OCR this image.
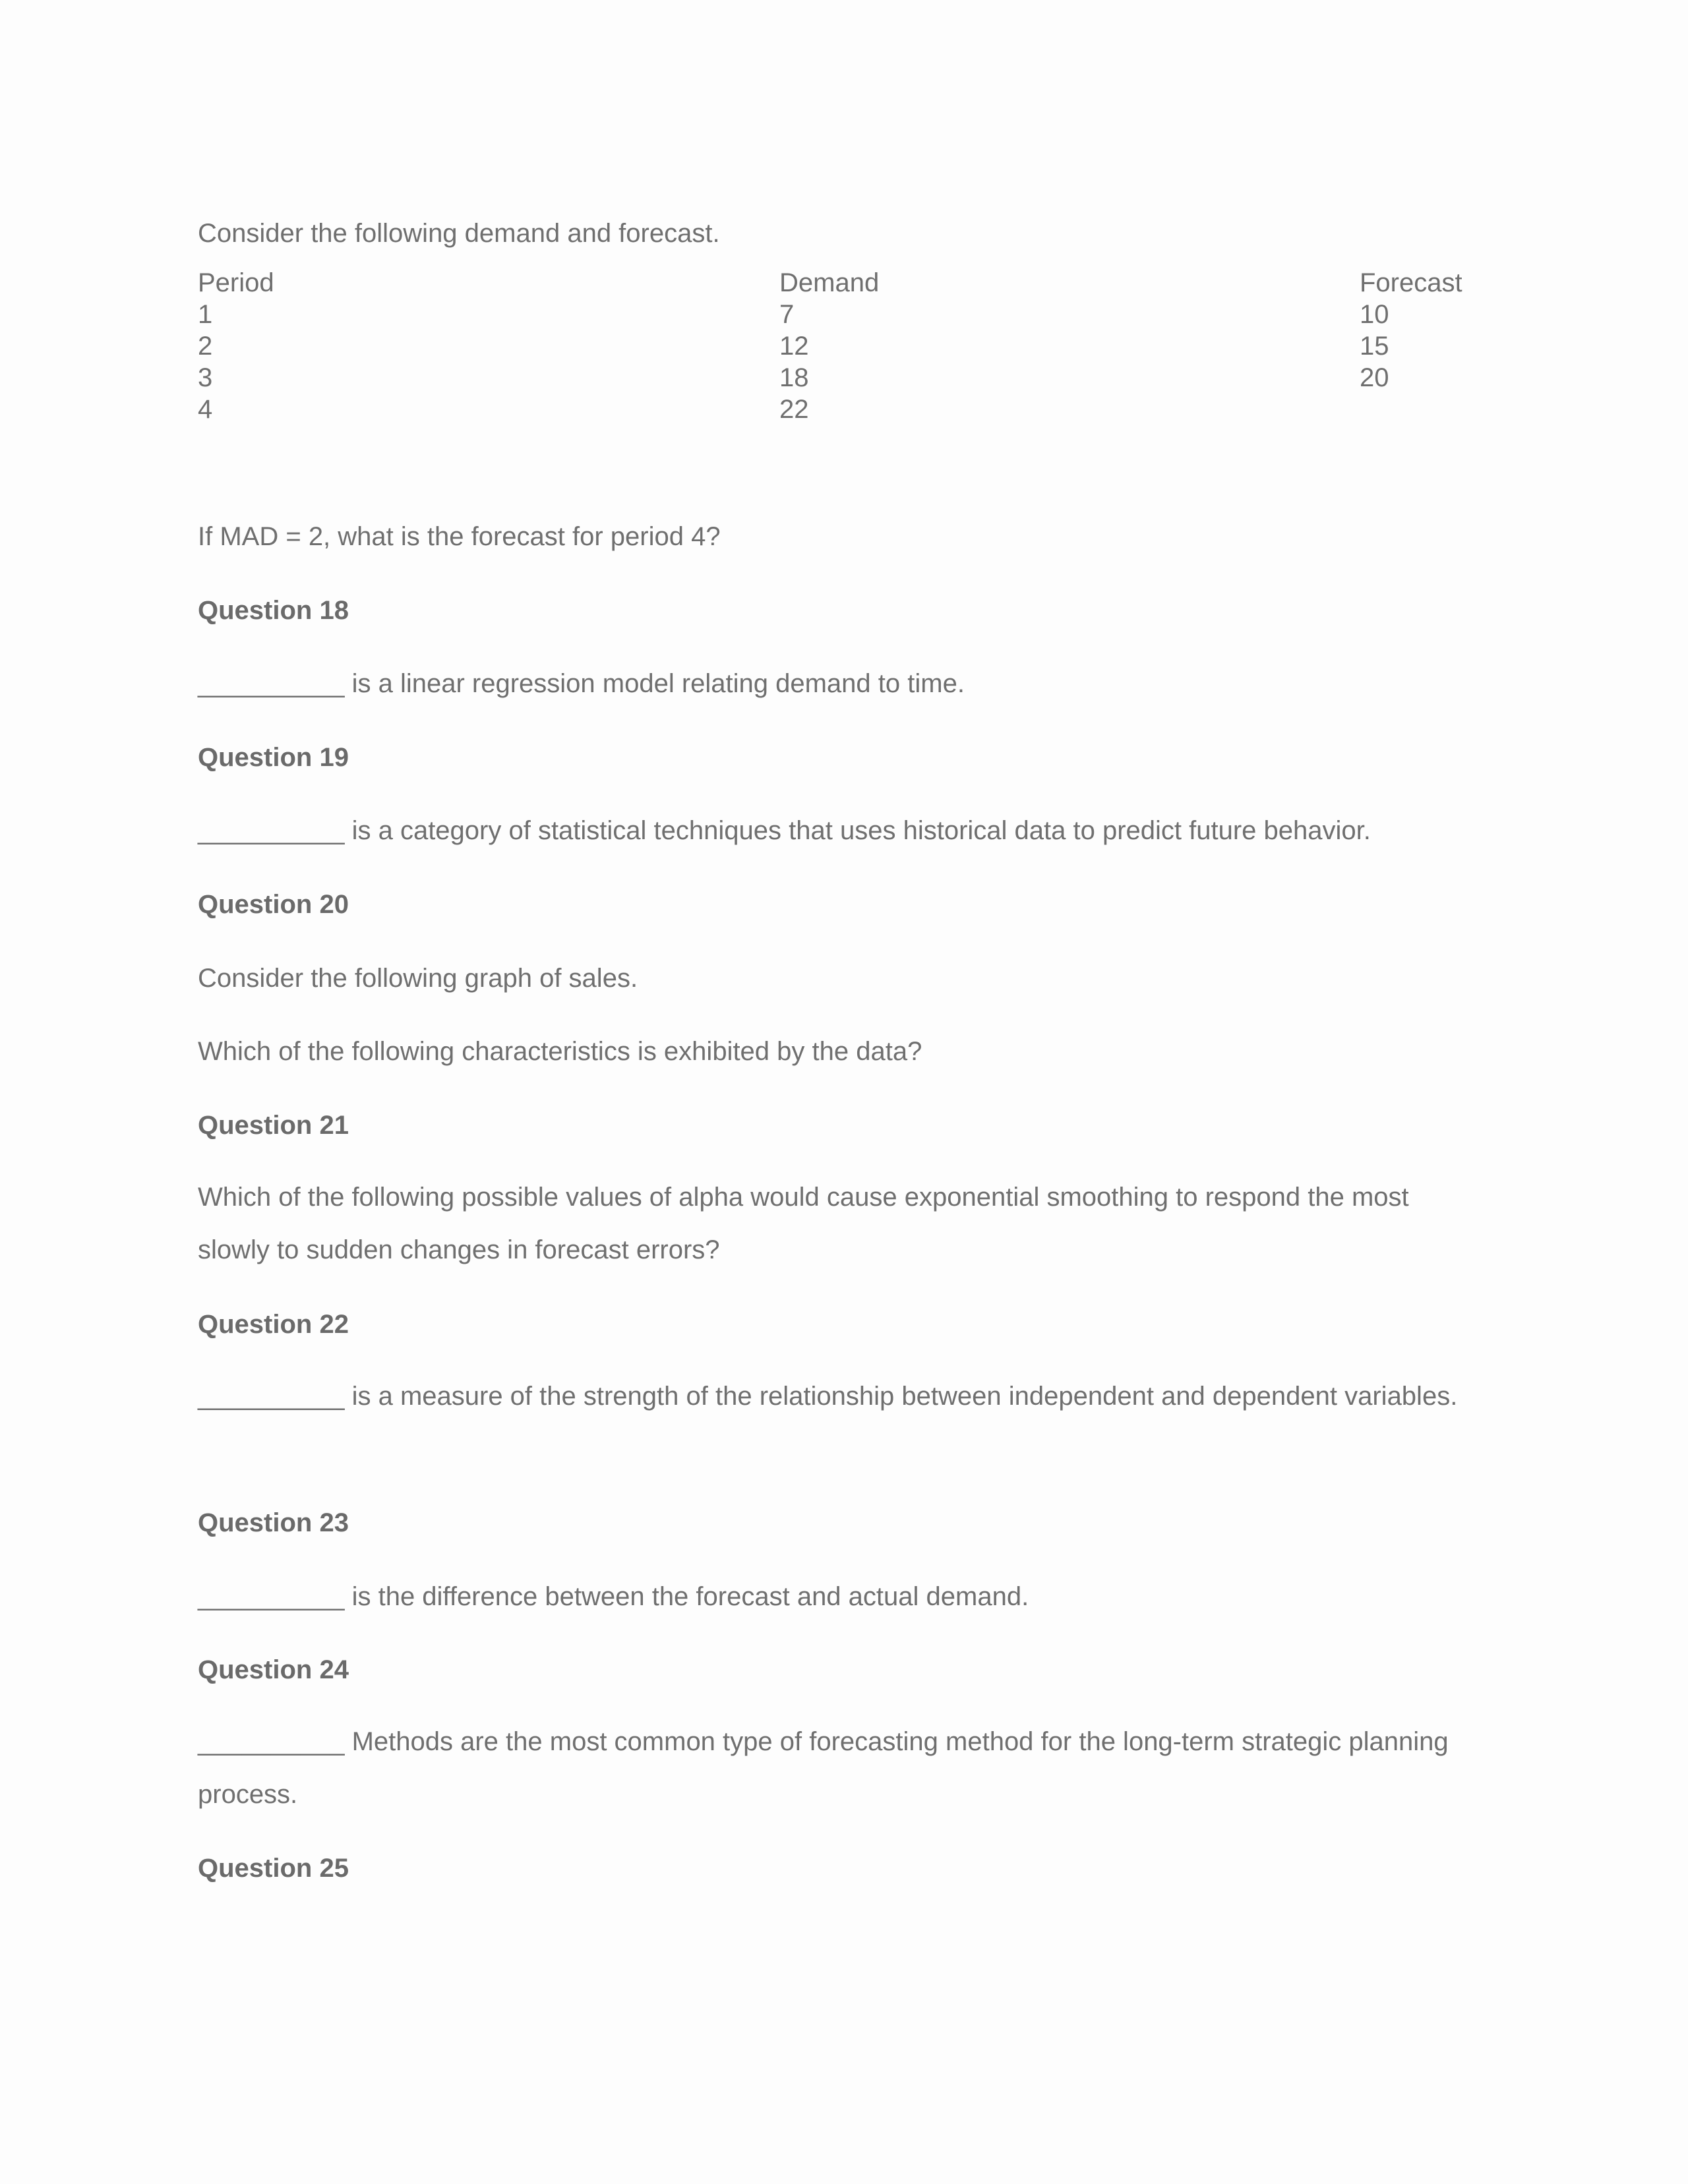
Consider the following demand and forecast.
Period
1
2
3
4
Demand
7
12
18
22
Forecast
10
15
20
If MAD = 2, what is the forecast for period 4?
Question 18
__________ is a linear regression model relating demand to time.
Question 19
__________ is a category of statistical techniques that uses historical data to predict future behavior.
Question 20
Consider the following graph of sales.
Which of the following characteristics is exhibited by the data?
Question 21
Which of the following possible values of alpha would cause exponential smoothing to respond the most slowly to sudden changes in forecast errors?
Question 22
__________ is a measure of the strength of the relationship between independent and dependent variables.
Question 23
__________ is the difference between the forecast and actual demand.
Question 24
__________ Methods are the most common type of forecasting method for the long-term strategic planning process.
Question 25
